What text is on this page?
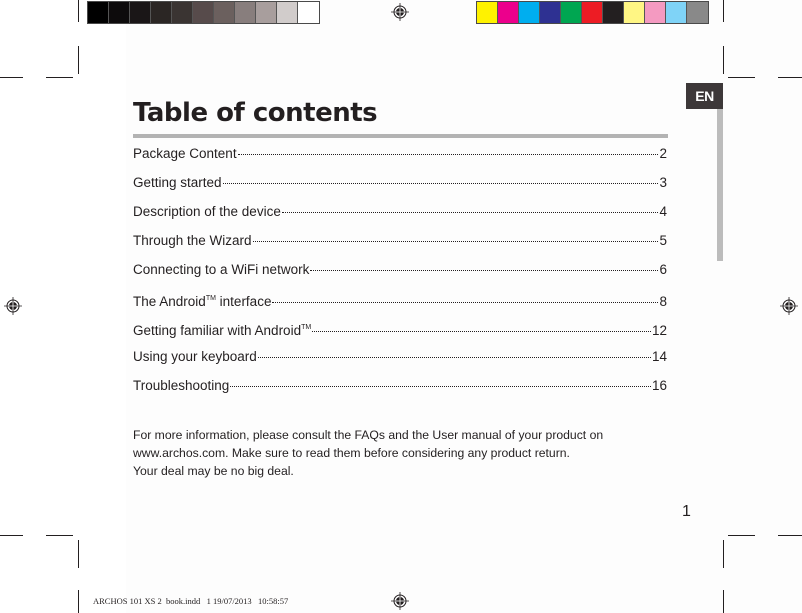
EN
Table of contents
Package Content	2
Getting started	3
Description of the device	4
Through the Wizard	5
Connecting to a WiFi network	6
The Android™ interface	8
Getting familiar with Android™	12
Using your keyboard	14
Troubleshooting	16

For more information, please consult the FAQs and the User manual of your product on
www.archos.com. Make sure to read them before considering any product return.
Your deal may be no big deal.

1
ARCHOS 101 XS 2  book.indd   1 19/07/2013   10:58:57
